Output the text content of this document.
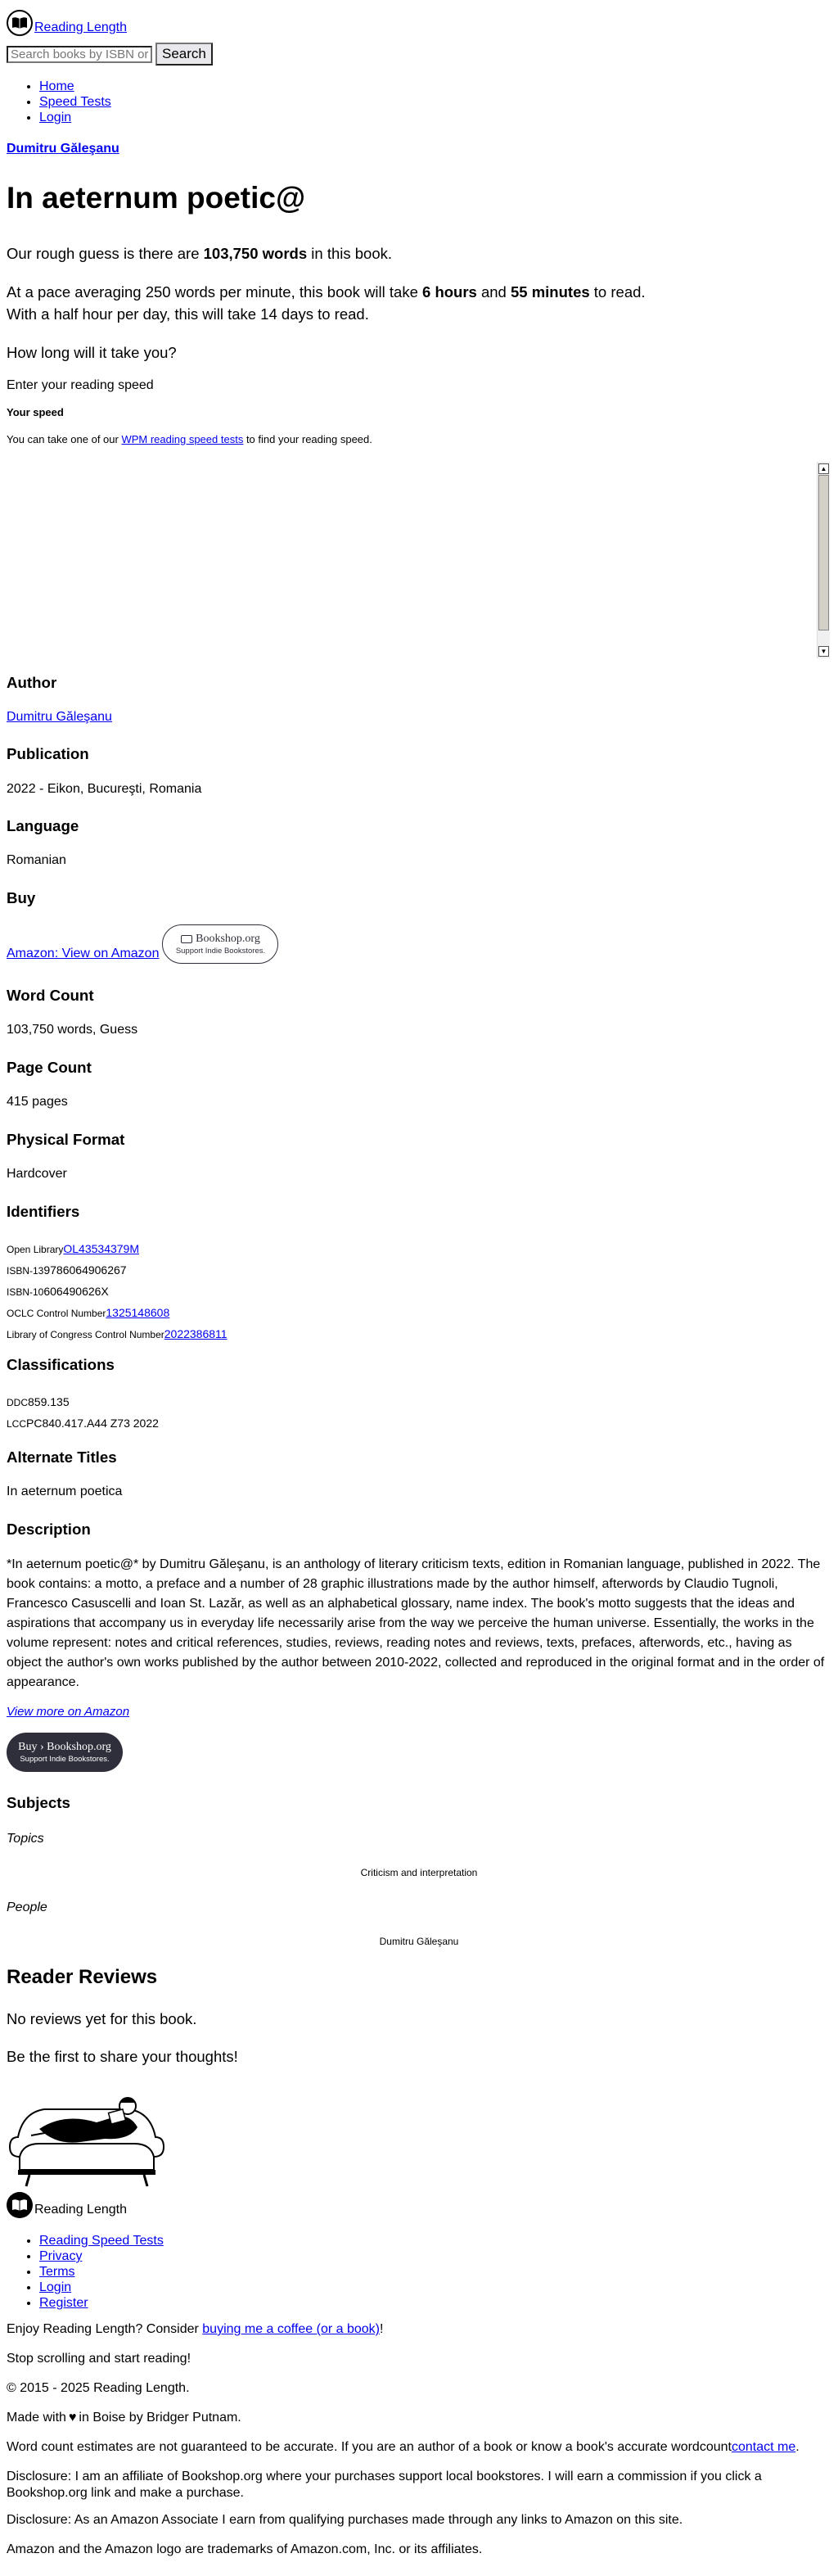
Reading Length
Search books by ISBN or Title
Search
• Home
• Speed Tests
• Login
Dumitru Găleşanu
In aeternum poetic@
Our rough guess is there are 103,750 words in this book.
At a pace averaging 250 words per minute, this book will take 6 hours and 55 minutes to read.
With a half hour per day, this will take 14 days to read.
How long will it take you?
Enter your reading speed
Your speed
You can take one of our WPM reading speed tests to find your reading speed.
▲
▼
Author
Dumitru Găleşanu
Publication
2022 - Eikon, Bucureşti, Romania
Language
Romanian
Buy
Amazon: View on Amazon
Bookshop.org
Support Indie Bookstores.
Word Count
103,750 words, Guess
Page Count
415 pages
Physical Format
Hardcover
Identifiers
Open LibraryOL43534379M
ISBN-139786064906267
ISBN-10606490626X
OCLC Control Number1325148608
Library of Congress Control Number2022386811
Classifications
DDC859.135
LCCPC840.417.A44 Z73 2022
Alternate Titles
In aeternum poetica
Description
*In aeternum poetic@* by Dumitru Găleşanu, is an anthology of literary criticism texts, edition in Romanian language, published in 2022. The book contains: a motto, a preface and a number of 28 graphic illustrations made by the author himself, afterwords by Claudio Tugnoli, Francesco Casuscelli and Ioan St. Lazăr, as well as an alphabetical glossary, name index. The book's motto suggests that the ideas and aspirations that accompany us in everyday life necessarily arise from the way we perceive the human universe. Essentially, the works in the volume represent: notes and critical references, studies, reviews, reading notes and reviews, texts, prefaces, afterwords, etc., having as object the author's own works published by the author between 2010-2022, collected and reproduced in the original format and in the order of appearance.
View more on Amazon
Buy › Bookshop.org
Support Indie Bookstores.
Subjects
Topics
Criticism and interpretation
People
Dumitru Găleşanu
Reader Reviews
No reviews yet for this book.
Be the first to share your thoughts!
Reading Length
• Reading Speed Tests
• Privacy
• Terms
• Login
• Register
Enjoy Reading Length? Consider buying me a coffee (or a book)!
Stop scrolling and start reading!
© 2015 - 2025 Reading Length.
Made with ♥ in Boise by Bridger Putnam.
Word count estimates are not guaranteed to be accurate. If you are an author of a book or know a book's accurate wordcountcontact me.
Disclosure: I am an affiliate of Bookshop.org where your purchases support local bookstores. I will earn a commission if you click a Bookshop.org link and make a purchase.
Disclosure: As an Amazon Associate I earn from qualifying purchases made through any links to Amazon on this site.
Amazon and the Amazon logo are trademarks of Amazon.com, Inc. or its affiliates.
